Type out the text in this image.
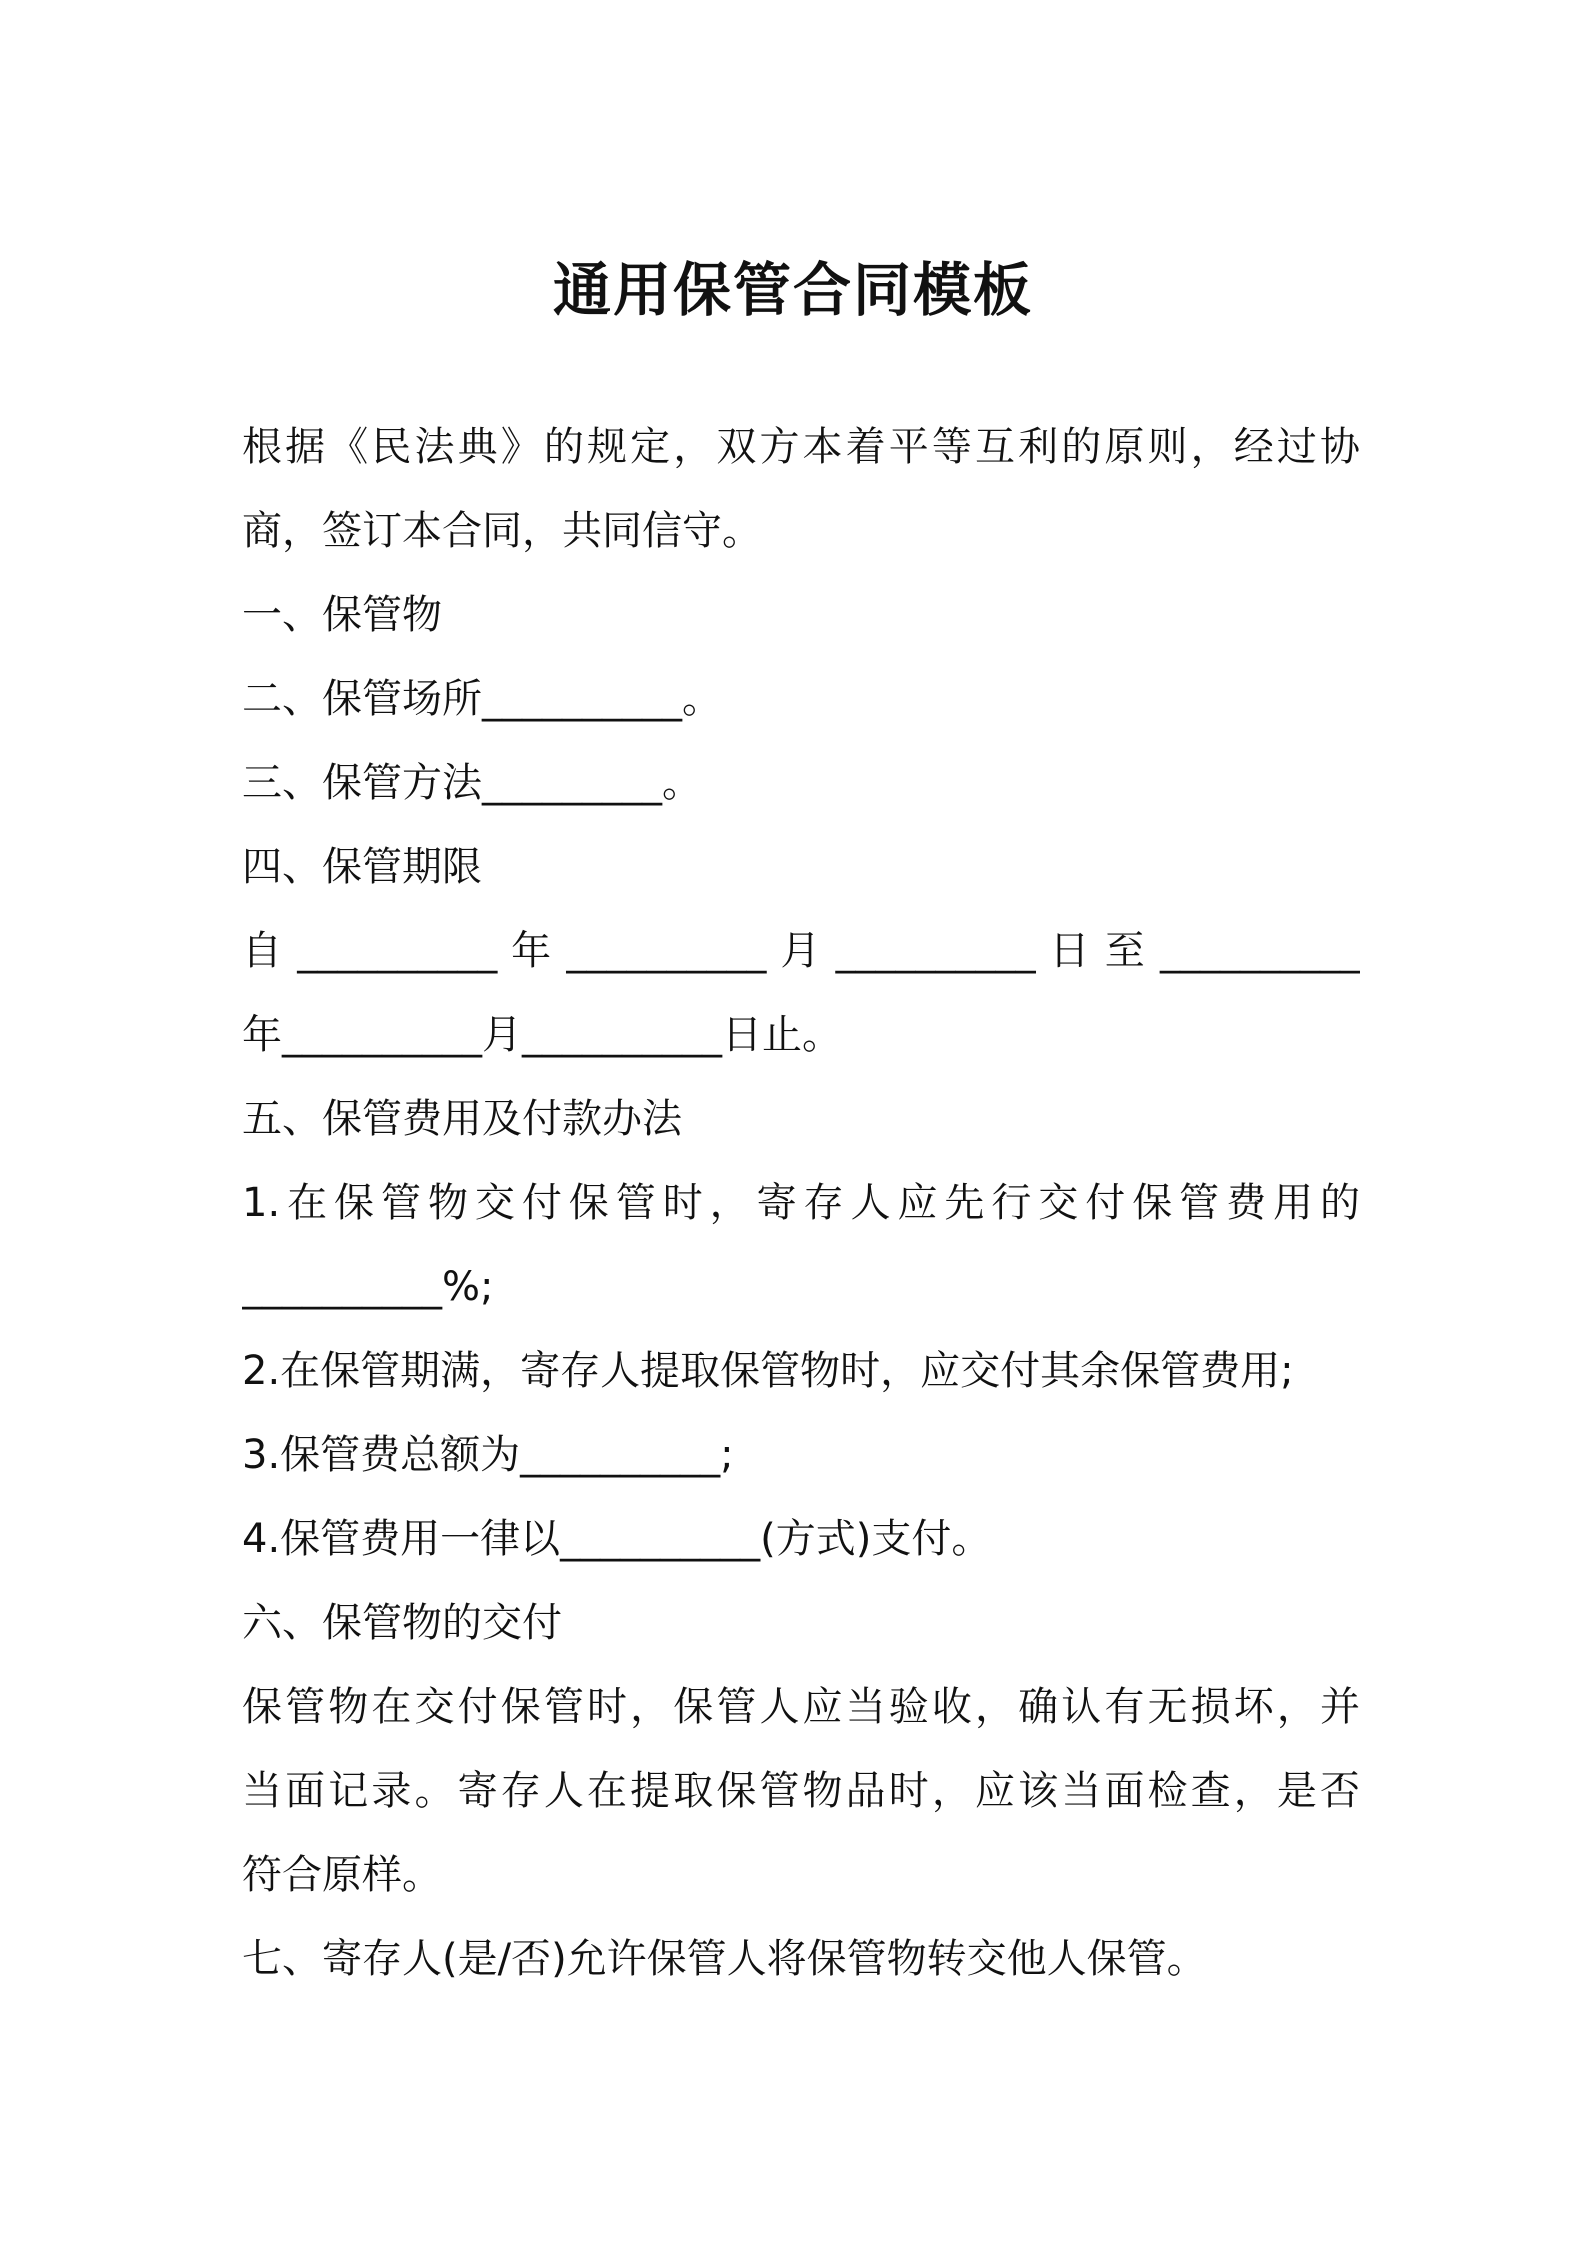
通用保管合同模板
根据《民法典》的规定，双方本着平等互利的原则，经过协
商，签订本合同，共同信守。
一、保管物
二、保管场所__________。
三、保管方法_________。
四、保管期限
自 __________ 年 __________ 月 __________ 日 至 __________
年__________月__________日止。
五、保管费用及付款办法
1.在保管物交付保管时，寄存人应先行交付保管费用的
__________%;
2.在保管期满，寄存人提取保管物时，应交付其余保管费用;
3.保管费总额为__________;
4.保管费用一律以__________(方式)支付。
六、保管物的交付
保管物在交付保管时，保管人应当验收，确认有无损坏，并
当面记录。寄存人在提取保管物品时，应该当面检查，是否
符合原样。
七、寄存人(是/否)允许保管人将保管物转交他人保管。
